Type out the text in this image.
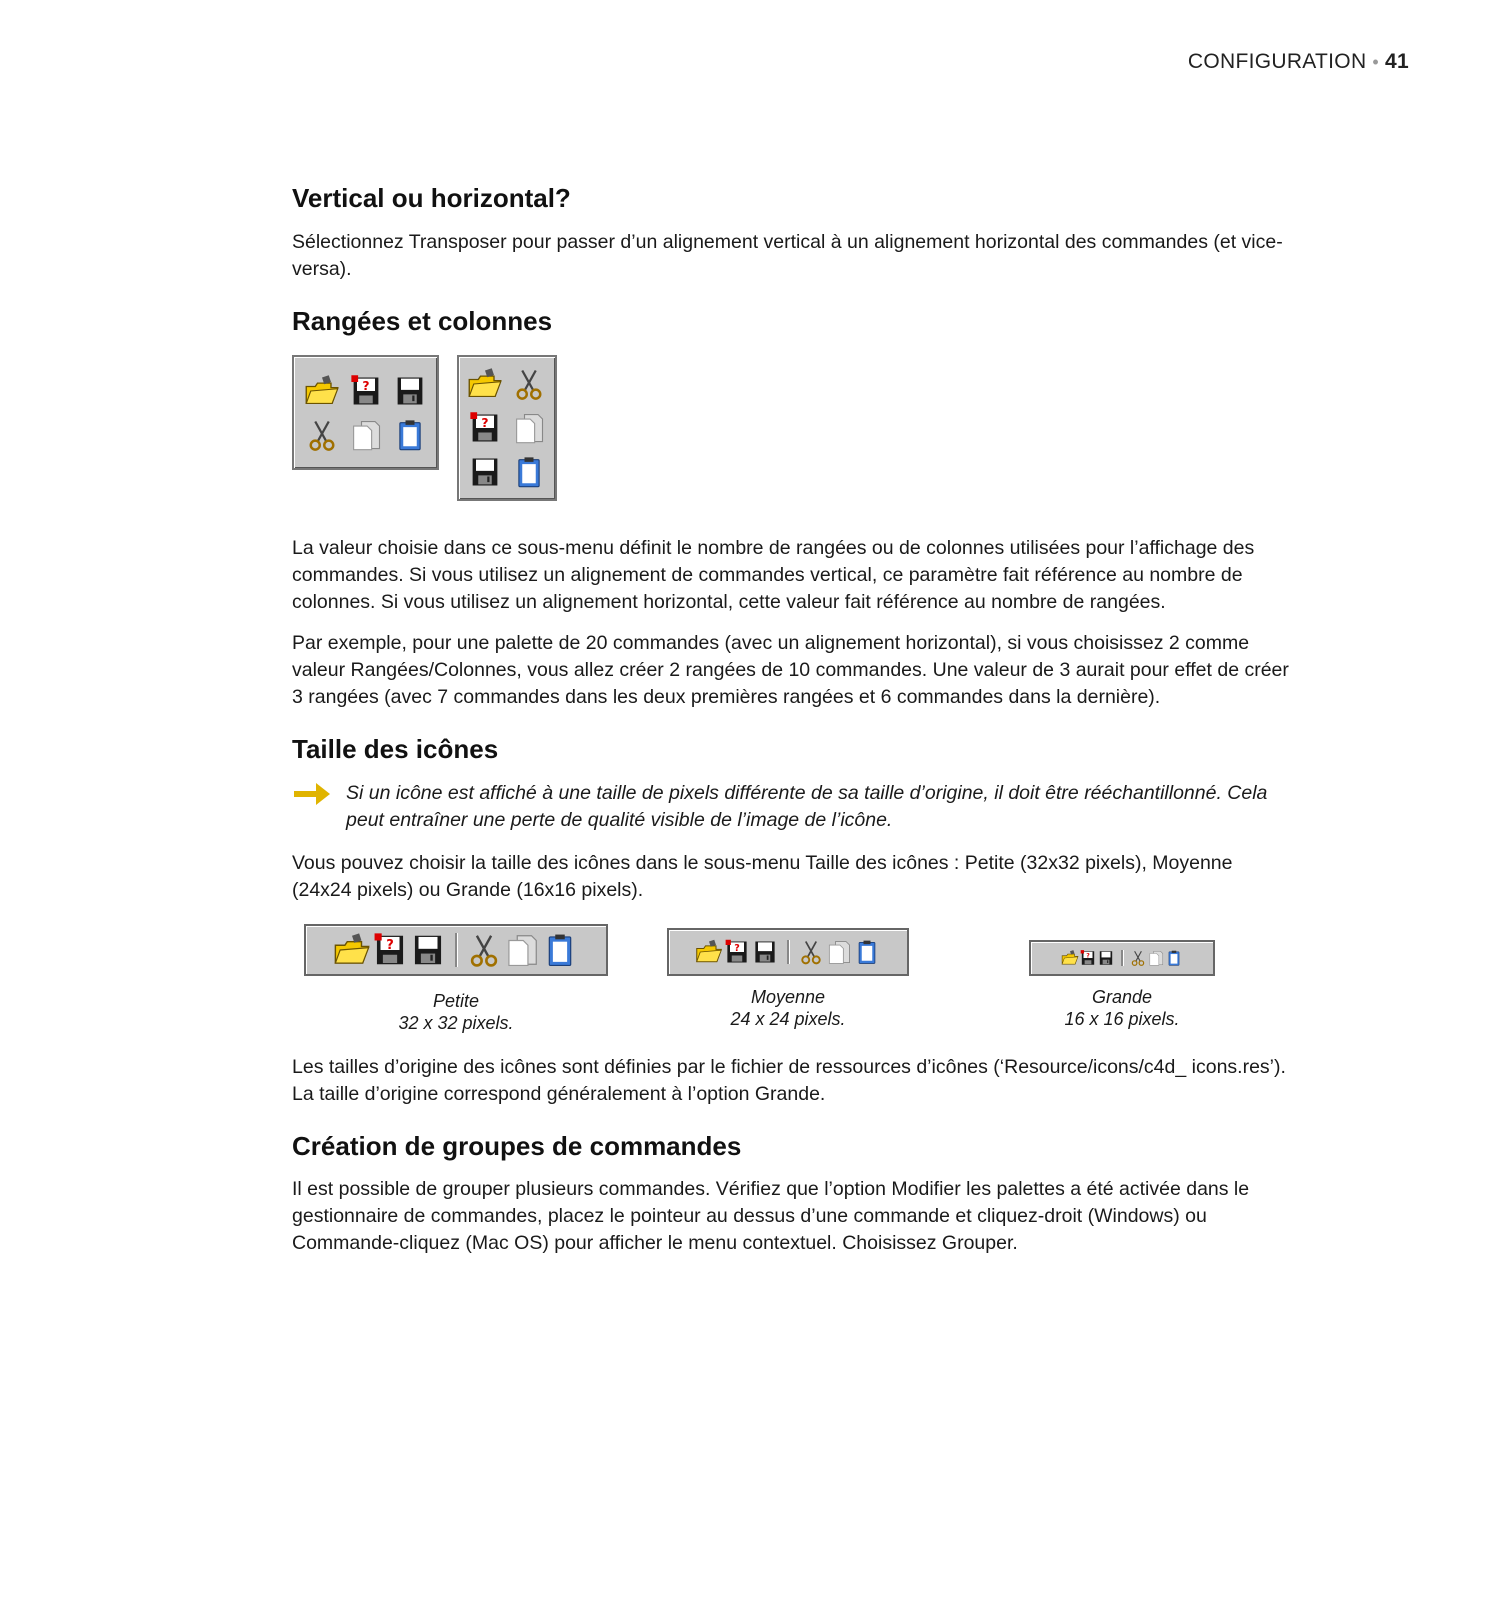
CONFIGURATION • 41
Vertical ou horizontal?

Sélectionnez Transposer pour passer d’un alignement vertical à un alignement horizontal des commandes (et vice-versa).

Rangées et colonnes

La valeur choisie dans ce sous-menu définit le nombre de rangées ou de colonnes utilisées pour l’affichage des commandes. Si vous utilisez un alignement de commandes vertical, ce paramètre fait référence au nombre de colonnes. Si vous utilisez un alignement horizontal, cette valeur fait référence au nombre de rangées.

Par exemple, pour une palette de 20 commandes (avec un alignement horizontal), si vous choisissez 2 comme valeur Rangées/Colonnes, vous allez créer 2 rangées de 10 commandes. Une valeur de 3 aurait pour effet de créer 3 rangées (avec 7 commandes dans les deux premières rangées et 6 commandes dans la dernière).

Taille des icônes

Si un icône est affiché à une taille de pixels différente de sa taille d’origine, il doit être rééchantillonné. Cela peut entraîner une perte de qualité visible de l’image de l’icône.

Vous pouvez choisir la taille des icônes dans le sous-menu Taille des icônes : Petite (32x32 pixels), Moyenne (24x24 pixels) ou Grande (16x16 pixels).

Petite
32 x 32 pixels.
Moyenne
24 x 24 pixels.
Grande
16 x 16 pixels.

Les tailles d’origine des icônes sont définies par le fichier de ressources d’icônes (‘Resource/icons/c4d_ icons.res’). La taille d’origine correspond généralement à l’option Grande.

Création de groupes de commandes

Il est possible de grouper plusieurs commandes. Vérifiez que l’option Modifier les palettes a été activée dans le gestionnaire de commandes, placez le pointeur au dessus d’une commande et cliquez-droit (Windows) ou Commande-cliquez (Mac OS) pour afficher le menu contextuel. Choisissez Grouper.
